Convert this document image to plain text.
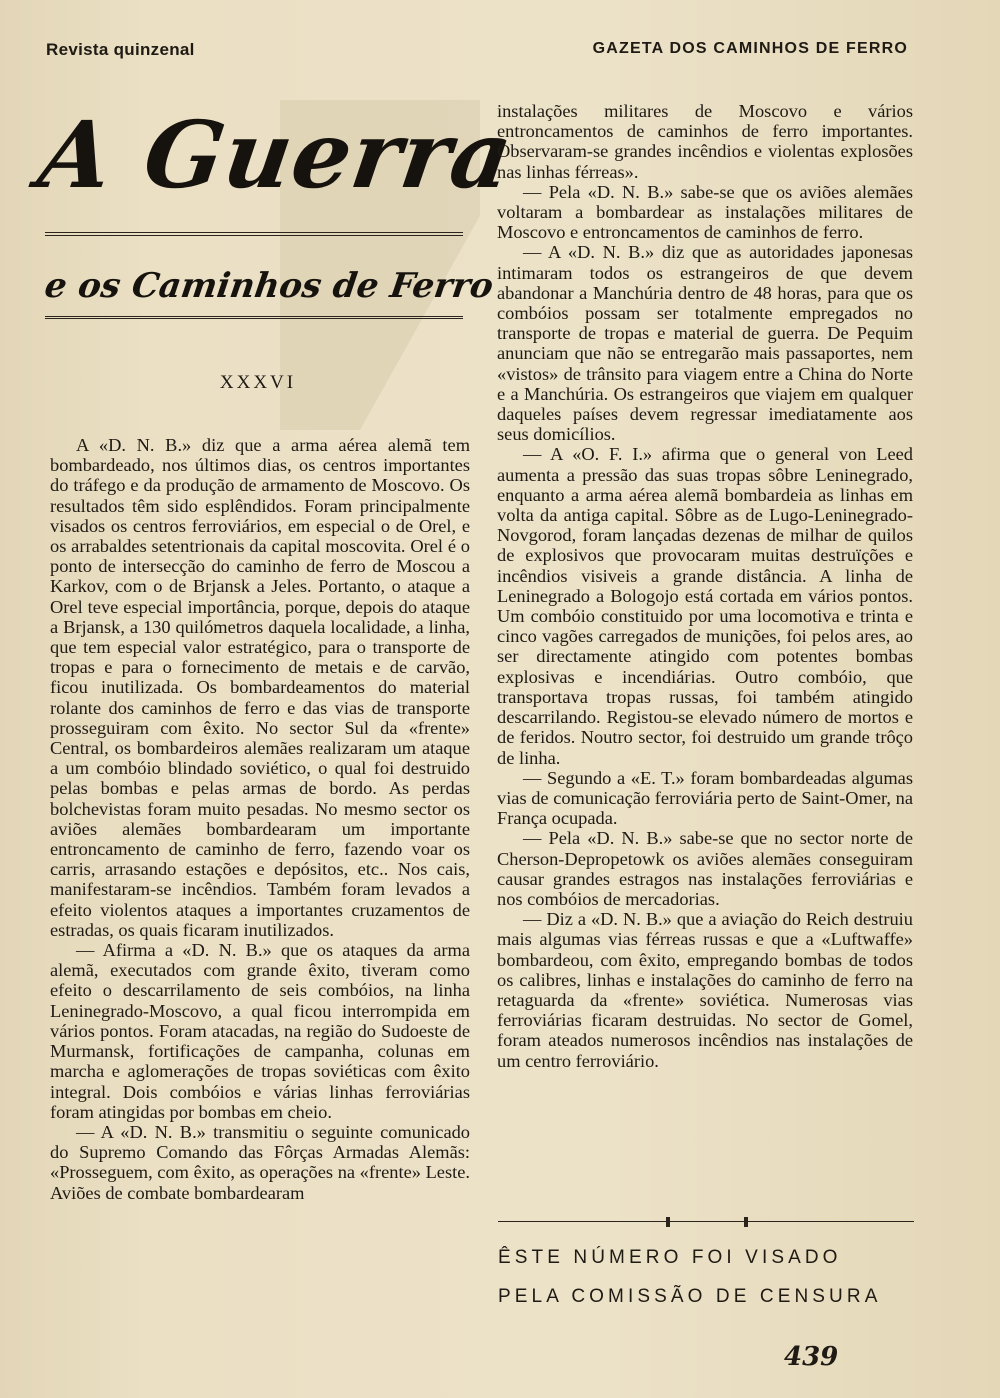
Revista quinzenal	GAZETA DOS CAMINHOS DE FERRO
A Guerra
e os Caminhos de Ferro
XXXVI

A «D. N. B.» diz que a arma aérea alemã tem bombardeado, nos últimos dias, os centros importantes do tráfego e da produção de armamento de Moscovo. Os resultados têm sido esplêndidos. Foram principalmente visados os centros ferroviários, em especial o de Orel, e os arrabaldes setentrionais da capital moscovita. Orel é o ponto de intersecção do caminho de ferro de Moscou a Karkov, com o de Brjansk a Jeles. Portanto, o ataque a Orel teve especial importância, porque, depois do ataque a Brjansk, a 130 quilómetros daquela localidade, a linha, que tem especial valor estratégico, para o transporte de tropas e para o fornecimento de metais e de carvão, ficou inutilizada. Os bombardeamentos do material rolante dos caminhos de ferro e das vias de transporte prosseguiram com êxito. No sector Sul da «frente» Central, os bombardeiros alemães realizaram um ataque a um combóio blindado soviético, o qual foi destruido pelas bombas e pelas armas de bordo. As perdas bolchevistas foram muito pesadas. No mesmo sector os aviões alemães bombardearam um importante entroncamento de caminho de ferro, fazendo voar os carris, arrasando estações e depósitos, etc.. Nos cais, manifestaram-se incêndios. Também foram levados a efeito violentos ataques a importantes cruzamentos de estradas, os quais ficaram inutilizados.

— Afirma a «D. N. B.» que os ataques da arma alemã, executados com grande êxito, tiveram como efeito o descarrilamento de seis combóios, na linha Leninegrado-Moscovo, a qual ficou interrompida em vários pontos. Foram atacadas, na região do Sudoeste de Murmansk, fortificações de campanha, colunas em marcha e aglomerações de tropas soviéticas com êxito integral. Dois combóios e várias linhas ferroviárias foram atingidas por bombas em cheio.

— A «D. N. B.» transmitiu o seguinte comunicado do Supremo Comando das Fôrças Armadas Alemãs: «Prosseguem, com êxito, as operações na «frente» Leste. Aviões de combate bombardearam

instalações militares de Moscovo e vários entroncamentos de caminhos de ferro importantes. Observaram-se grandes incêndios e violentas explosões nas linhas férreas».

— Pela «D. N. B.» sabe-se que os aviões alemães voltaram a bombardear as instalações militares de Moscovo e entroncamentos de caminhos de ferro.

— A «D. N. B.» diz que as autoridades japonesas intimaram todos os estrangeiros de que devem abandonar a Manchúria dentro de 48 horas, para que os combóios possam ser totalmente empregados no transporte de tropas e material de guerra. De Pequim anunciam que não se entregarão mais passaportes, nem «vistos» de trânsito para viagem entre a China do Norte e a Manchúria. Os estrangeiros que viajem em qualquer daqueles países devem regressar imediatamente aos seus domicílios.

— A «O. F. I.» afirma que o general von Leed aumenta a pressão das suas tropas sôbre Leninegrado, enquanto a arma aérea alemã bombardeia as linhas em volta da antiga capital. Sôbre as de Lugo-Leninegrado-Novgorod, foram lançadas dezenas de milhar de quilos de explosivos que provocaram muitas destruïções e incêndios visiveis a grande distância. A linha de Leninegrado a Bologojo está cortada em vários pontos. Um combóio constituido por uma locomotiva e trinta e cinco vagões carregados de munições, foi pelos ares, ao ser directamente atingido com potentes bombas explosivas e incendiárias. Outro combóio, que transportava tropas russas, foi também atingido descarrilando. Registou-se elevado número de mortos e de feridos. Noutro sector, foi destruido um grande trôço de linha.

— Segundo a «E. T.» foram bombardeadas algumas vias de comunicação ferroviária perto de Saint-Omer, na França ocupada.

— Pela «D. N. B.» sabe-se que no sector norte de Cherson-Depropetowk os aviões alemães conseguiram causar grandes estragos nas instalações ferroviárias e nos combóios de mercadorias.

— Diz a «D. N. B.» que a aviação do Reich destruiu mais algumas vias férreas russas e que a «Luftwaffe» bombardeou, com êxito, empregando bombas de todos os calibres, linhas e instalações do caminho de ferro na retaguarda da «frente» soviética. Numerosas vias ferroviárias ficaram destruidas. No sector de Gomel, foram ateados numerosos incêndios nas instalações de um centro ferroviário.

ÊSTE NÚMERO FOI VISADO
PELA COMISSÃO DE CENSURA
439
